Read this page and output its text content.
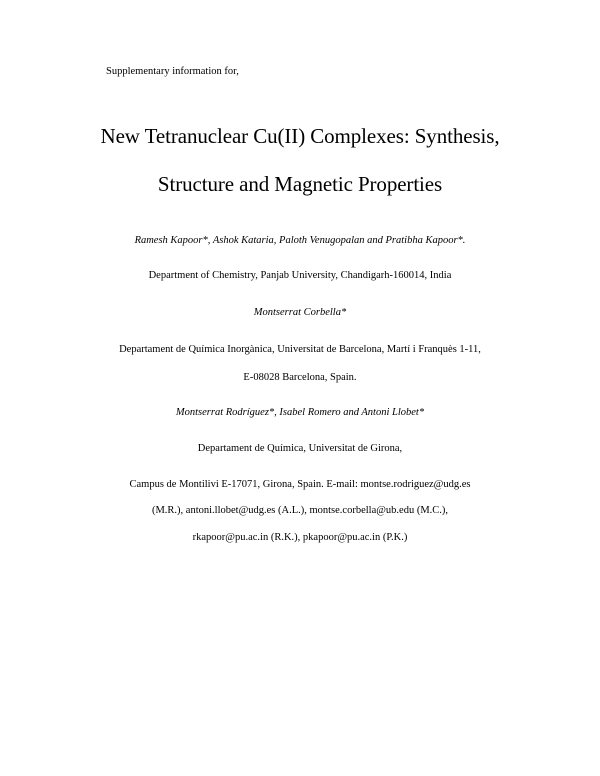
Supplementary information for,
New Tetranuclear Cu(II) Complexes: Synthesis,
Structure and Magnetic Properties
Ramesh Kapoor*, Ashok Kataria, Paloth Venugopalan and Pratibha Kapoor*.
Department of Chemistry, Panjab University, Chandigarh-160014, India
Montserrat Corbella*
Departament de Química Inorgànica, Universitat de Barcelona, Martí i Franquès 1-11,
E-08028 Barcelona, Spain.
Montserrat Rodríguez*, Isabel Romero and Antoni Llobet*
Departament de Química, Universitat de Girona,
Campus de Montilivi E-17071, Girona, Spain. E-mail: montse.rodriguez@udg.es
(M.R.), antoni.llobet@udg.es (A.L.), montse.corbella@ub.edu (M.C.),
rkapoor@pu.ac.in (R.K.), pkapoor@pu.ac.in (P.K.)
